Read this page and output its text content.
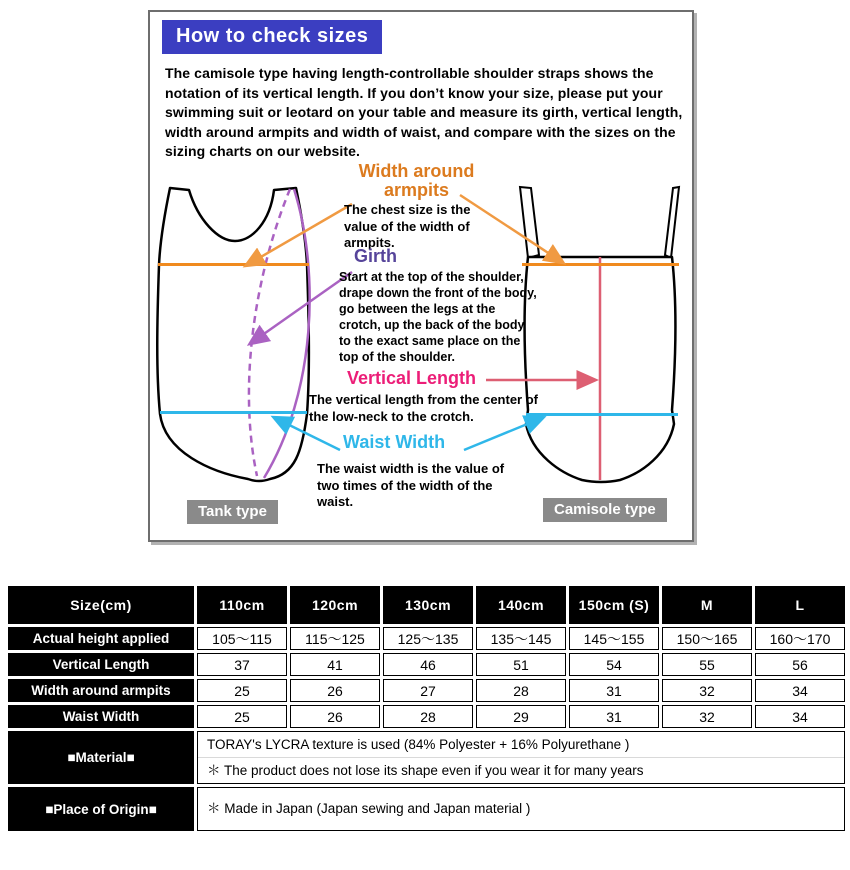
How to check sizes
The camisole type having length-controllable shoulder straps shows the notation of its vertical length. If you don’t know your size, please put your swimming suit or leotard on your table and measure its girth, vertical length, width around armpits and width of waist, and compare with the sizes on the sizing charts on our website.
Width around armpits
The chest size is the value of the width of armpits.
Girth
Start at the top of the shoulder, drape down the front of the body, go between the legs at the crotch, up the back of the body to the exact same place on the top of the shoulder.
Vertical Length
The vertical length from the center of the low-neck to the crotch.
Waist Width
The waist width is the value of two times of the width of the waist.
Tank type	Camisole type
Size(cm)	110cm	120cm	130cm	140cm	150cm (S)	M	L
Actual height applied	105〜115	115〜125	125〜135	135〜145	145〜155	150〜165	160〜170
Vertical Length	37	41	46	51	54	55	56
Width around armpits	25	26	27	28	31	32	34
Waist Width	25	26	28	29	31	32	34
■Material■	TORAY's LYCRA texture is used (84% Polyester + 16% Polyurethane )
＊ The product does not lose its shape even if you wear it for many years						

■Place of Origin■	＊ Made in Japan (Japan sewing and Japan material )						
